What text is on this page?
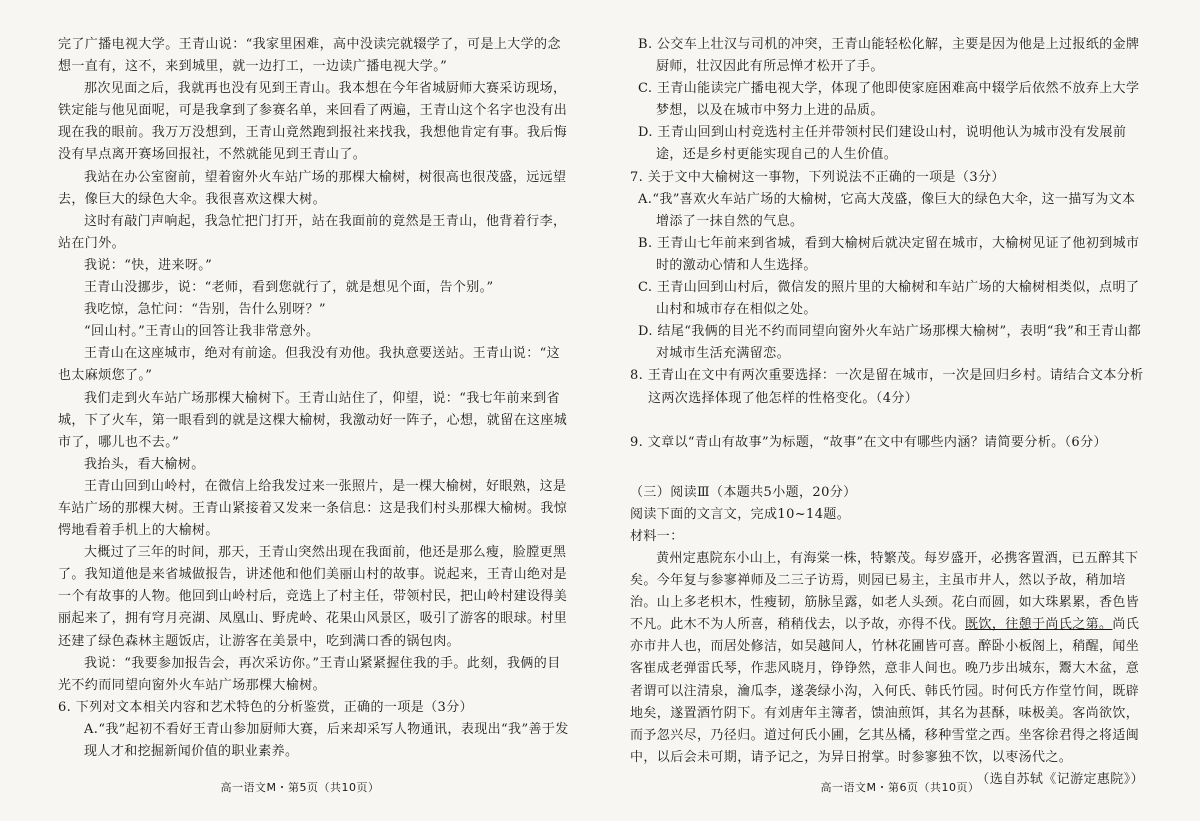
完了广播电视大学。王青山说：“我家里困难，高中没读完就辍学了，可是上大学的念想一直有，这不，来到城里，就一边打工，一边读广播电视大学。”

那次见面之后，我就再也没有见到王青山。我本想在今年省城厨师大赛采访现场，铁定能与他见面呢，可是我拿到了参赛名单，来回看了两遍，王青山这个名字也没有出现在我的眼前。我万万没想到，王青山竟然跑到报社来找我，我想他肯定有事。我后悔没有早点离开赛场回报社，不然就能见到王青山了。

我站在办公室窗前，望着窗外火车站广场的那棵大榆树，树很高也很茂盛，远远望去，像巨大的绿色大伞。我很喜欢这棵大树。

这时有敲门声响起，我急忙把门打开，站在我面前的竟然是王青山，他背着行李，站在门外。

我说：“快，进来呀。”

王青山没挪步，说：“老师，看到您就行了，就是想见个面，告个别。”

我吃惊，急忙问：“告别，告什么别呀？”

“回山村。”王青山的回答让我非常意外。

王青山在这座城市，绝对有前途。但我没有劝他。我执意要送站。王青山说：“这也太麻烦您了。”

我们走到火车站广场那棵大榆树下。王青山站住了，仰望，说：“我七年前来到省城，下了火车，第一眼看到的就是这棵大榆树，我激动好一阵子，心想，就留在这座城市了，哪儿也不去。”

我抬头，看大榆树。

王青山回到山岭村，在微信上给我发过来一张照片，是一棵大榆树，好眼熟，这是车站广场的那棵大树。王青山紧接着又发来一条信息：这是我们村头那棵大榆树。我惊愕地看着手机上的大榆树。

大概过了三年的时间，那天，王青山突然出现在我面前，他还是那么瘦，脸膛更黑了。我知道他是来省城做报告，讲述他和他们美丽山村的故事。说起来，王青山绝对是一个有故事的人物。他回到山岭村后，竞选上了村主任，带领村民，把山岭村建设得美丽起来了，拥有穹月亮湖、凤凰山、野虎岭、花果山风景区，吸引了游客的眼球。村里还建了绿色森林主题饭店，让游客在美景中，吃到满口香的锅包肉。

我说：“我要参加报告会，再次采访你。”王青山紧紧握住我的手。此刻，我俩的目光不约而同望向窗外火车站广场那棵大榆树。

6. 下列对文本相关内容和艺术特色的分析鉴赏，正确的一项是（3分）

A.“我”起初不看好王青山参加厨师大赛，后来却采写人物通讯，表现出“我”善于发现人才和挖掘新闻价值的职业素养。

高一语文M・第5页（共10页）

B. 公交车上壮汉与司机的冲突，王青山能轻松化解，主要是因为他是上过报纸的金牌厨师，壮汉因此有所忌惮才松开了手。

C. 王青山能读完广播电视大学，体现了他即使家庭困难高中辍学后依然不放弃上大学梦想，以及在城市中努力上进的品质。

D. 王青山回到山村竞选村主任并带领村民们建设山村，说明他认为城市没有发展前途，还是乡村更能实现自己的人生价值。

7. 关于文中大榆树这一事物，下列说法不正确的一项是（3分）

A.“我”喜欢火车站广场的大榆树，它高大茂盛，像巨大的绿色大伞，这一描写为文本增添了一抹自然的气息。

B. 王青山七年前来到省城，看到大榆树后就决定留在城市，大榆树见证了他初到城市时的激动心情和人生选择。

C. 王青山回到山村后，微信发的照片里的大榆树和车站广场的大榆树相类似，点明了山村和城市存在相似之处。

D. 结尾“我俩的目光不约而同望向窗外火车站广场那棵大榆树”，表明“我”和王青山都对城市生活充满留恋。

8. 王青山在文中有两次重要选择：一次是留在城市，一次是回归乡村。请结合文本分析这两次选择体现了他怎样的性格变化。（4分）

9. 文章以“青山有故事”为标题，“故事”在文中有哪些内涵？请简要分析。（6分）

（三）阅读Ⅲ（本题共5小题，20分）

阅读下面的文言文，完成10~14题。

材料一：

黄州定惠院东小山上，有海棠一株，特繁茂。每岁盛开，必携客置酒，已五醉其下矣。今年复与参寥禅师及二三子访焉，则园已易主，主虽市井人，然以予故，稍加培治。山上多老枳木，性瘦韧，筋脉呈露，如老人头颈。花白而圆，如大珠累累，香色皆不凡。此木不为人所喜，稍稍伐去，以予故，亦得不伐。既饮，往憩于尚氏之第。尚氏亦市井人也，而居处修洁，如吴越间人，竹林花圃皆可喜。醉卧小板阁上，稍醒，闻坐客崔成老弹雷氏琴，作悲风晓月，铮铮然，意非人间也。晚乃步出城东，鬻大木盆，意者谓可以注清泉，瀹瓜李，遂袭绿小沟，入何氏、韩氏竹园。时何氏方作堂竹间，既辟地矣，遂置酒竹阴下。有刘唐年主簿者，馈油煎饵，其名为甚酥，味极美。客尚欲饮，而予忽兴尽，乃径归。道过何氏小圃，乞其丛橘，移种雪堂之西。坐客徐君得之将适闽中，以后会未可期，请予记之，为异日拊掌。时参寥独不饮，以枣汤代之。

（选自苏轼《记游定惠院》）

高一语文M・第6页（共10页）
